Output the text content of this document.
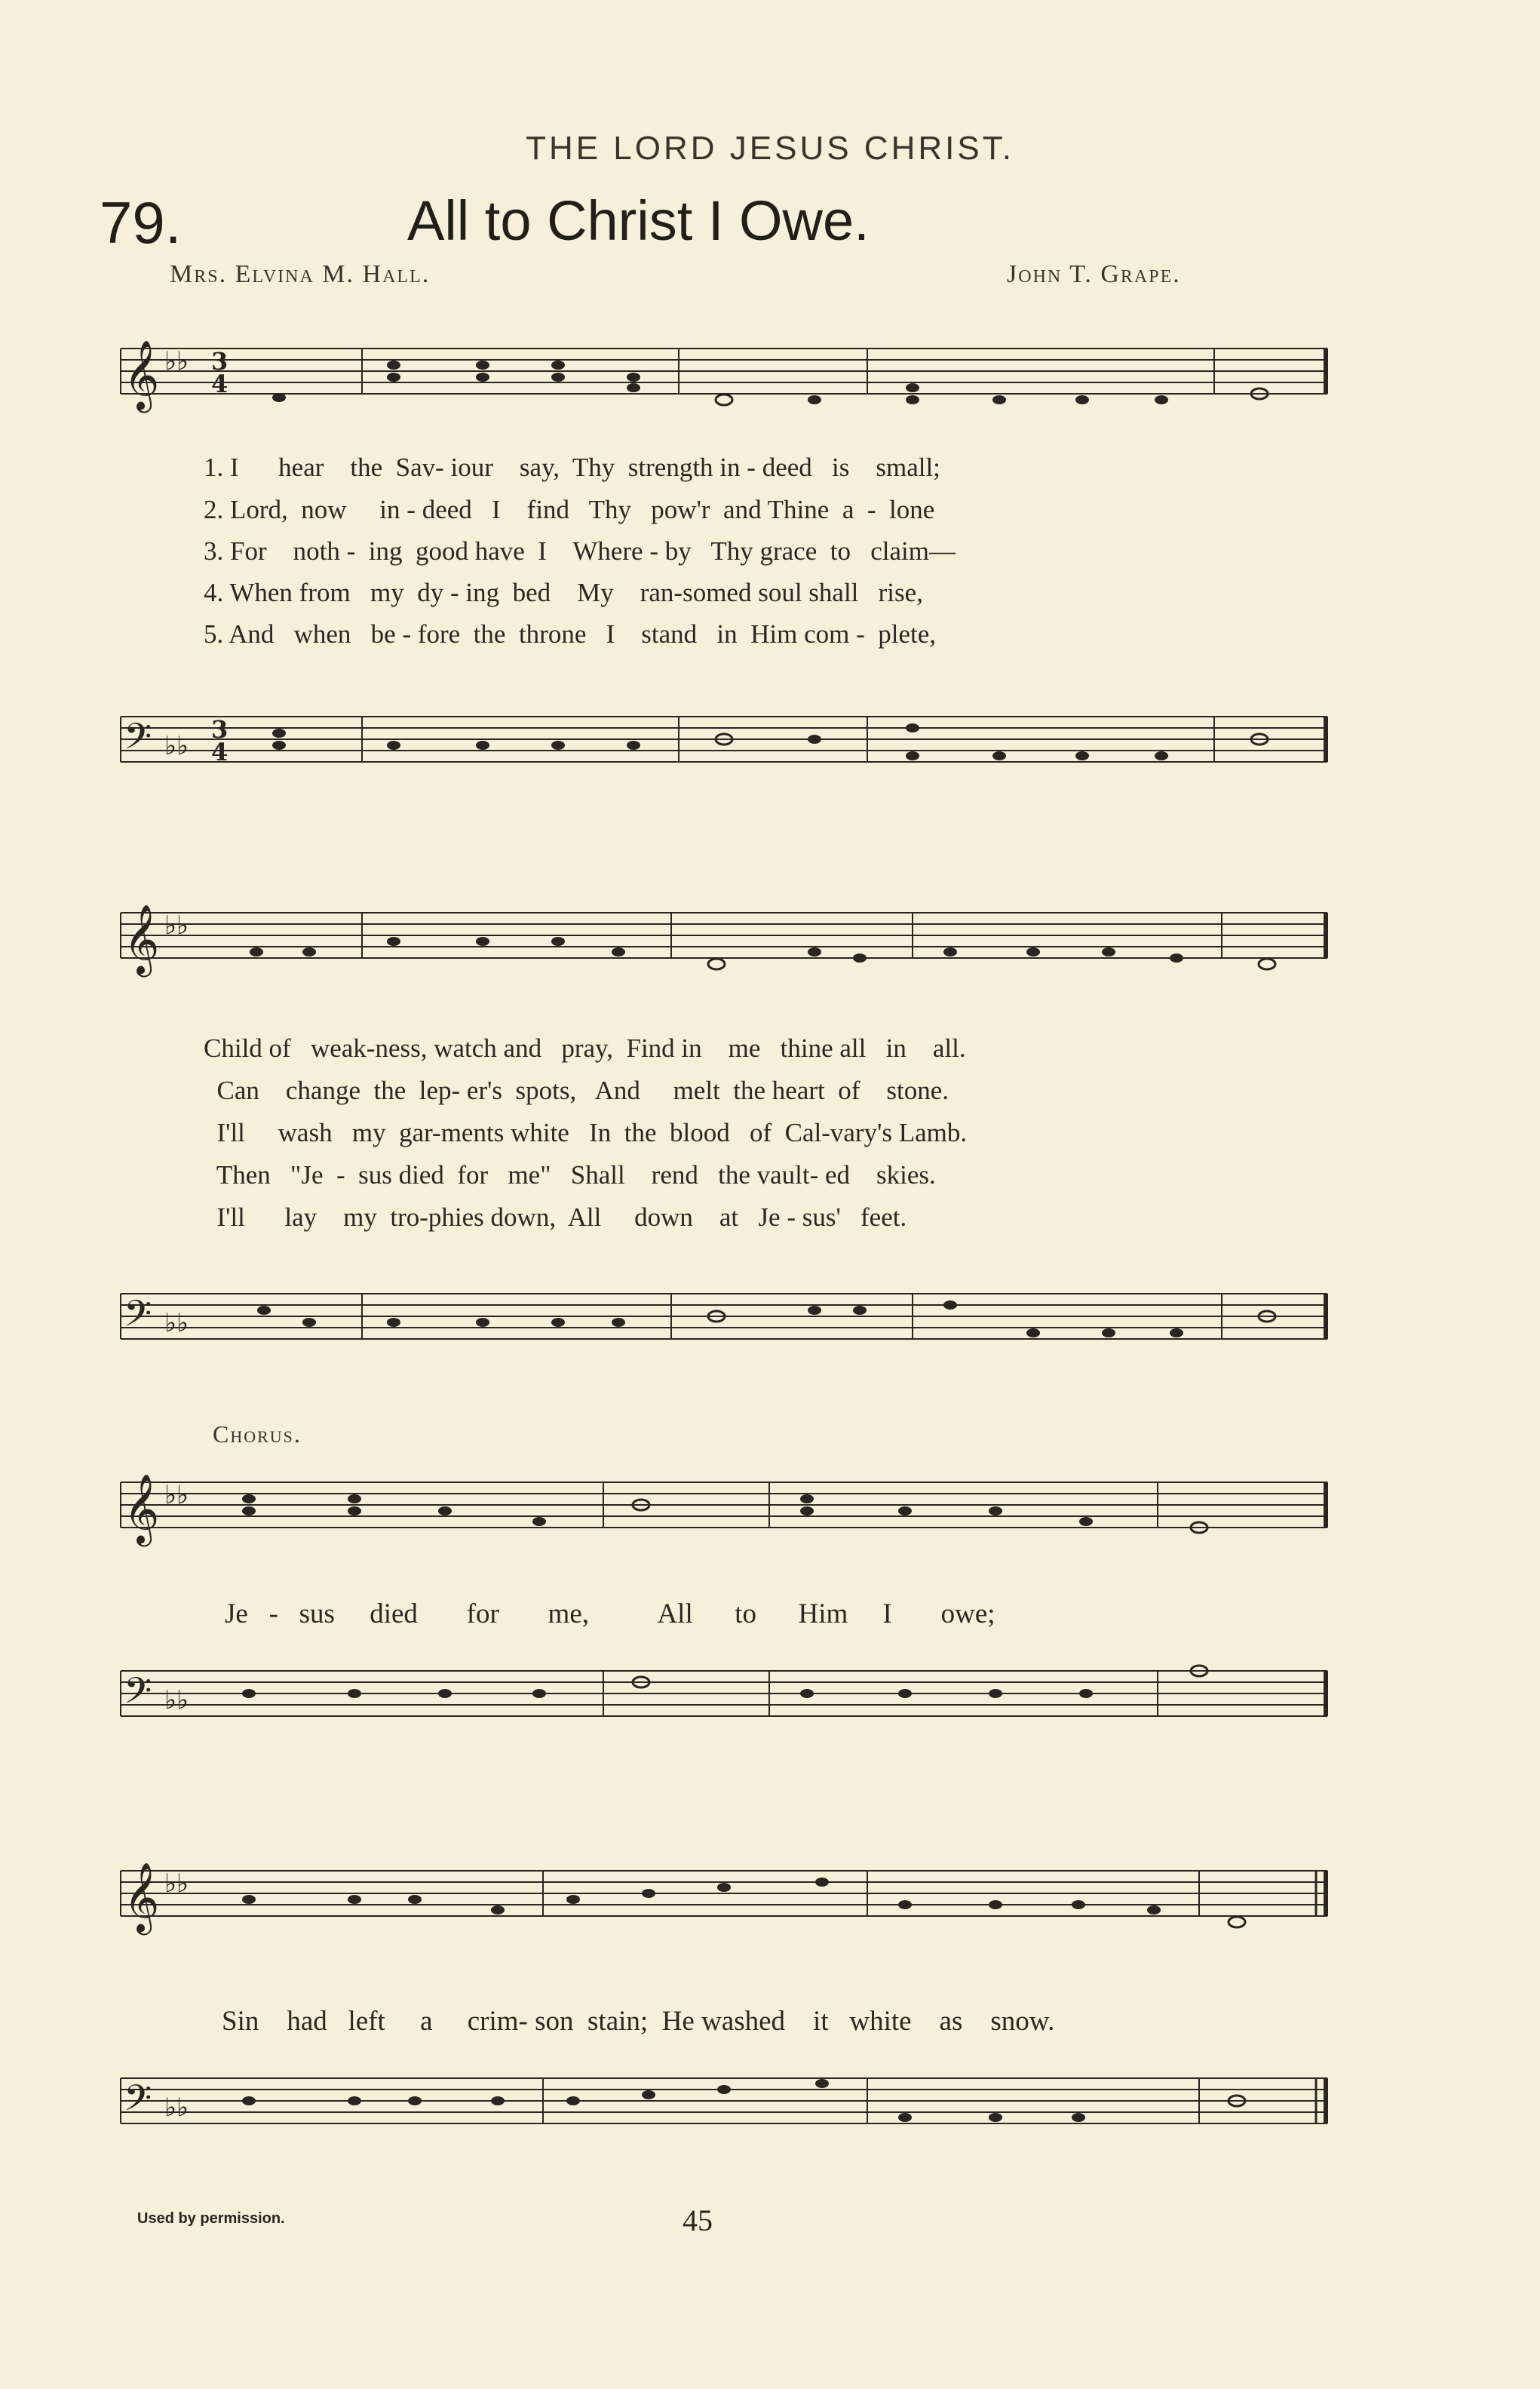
THE LORD JESUS CHRIST.
79.	All to Christ I Owe.
Mrs. Elvina M. Hall.	John T. Grape.
𝄞 ♭♭ 3
4
1. I      hear    the  Sav- iour    say,  Thy  strength in - deed   is    small;
2. Lord,  now     in - deed   I    find   Thy   pow'r  and Thine  a  -  lone
3. For    noth -  ing  good have  I    Where - by   Thy grace  to   claim—
4. When from   my  dy - ing  bed    My    ran-somed soul shall   rise,
5. And   when   be - fore  the  throne   I    stand   in  Him com -  plete,
𝄢 ♭♭
3
4
𝄞 ♭♭
Child of   weak-ness, watch and   pray,  Find in    me   thine all   in    all.
Can    change  the  lep- er's  spots,   And     melt  the heart  of    stone.
I'll     wash   my  gar-ments white   In  the  blood   of  Cal-vary's Lamb.
Then   "Je  -  sus died  for   me"   Shall    rend   the vault- ed    skies.
I'll      lay    my  tro-phies down,  All     down    at   Je - sus'   feet.
𝄢 ♭♭
Chorus.
𝄞 ♭♭
Je   -   sus     died       for       me,          All      to      Him     I       owe;
𝄢 ♭♭
𝄞 ♭♭
Sin    had   left     a     crim- son  stain;  He washed    it   white    as    snow.
𝄢 ♭♭
Used by permission.	45
